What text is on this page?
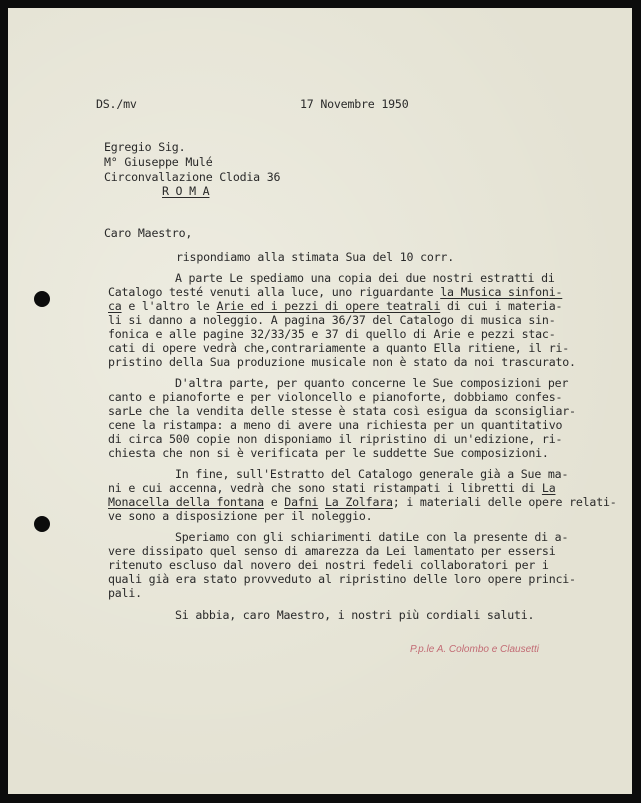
DS./mv	17 Novembre 1950

Egregio Sig.

M° Giuseppe Mulé

Circonvallazione Clodia 36

R O M A

Caro Maestro,

rispondiamo alla stimata Sua del 10 corr.

A parte Le spediamo una copia dei due nostri estratti di

Catalogo testé venuti alla luce, uno riguardante la Musica sinfoni-

ca e l'altro le Arie ed i pezzi di opere teatrali di cui i materia-

li si danno a noleggio. A pagina 36/37 del Catalogo di musica sin-

fonica e alle pagine 32/33/35 e 37 di quello di Arie e pezzi stac-

cati di opere vedrà che,contrariamente a quanto Ella ritiene, il ri-

pristino della Sua produzione musicale non è stato da noi trascurato.

D'altra parte, per quanto concerne le Sue composizioni per

canto e pianoforte e per violoncello e pianoforte, dobbiamo confes-

sarLe che la vendita delle stesse è stata così esigua da sconsigliar-

cene la ristampa: a meno di avere una richiesta per un quantitativo

di circa 500 copie non disponiamo il ripristino di un'edizione, ri-

chiesta che non si è verificata per le suddette Sue composizioni.

In fine, sull'Estratto del Catalogo generale già a Sue ma-

ni e cui accenna, vedrà che sono stati ristampati i libretti di La

Monacella della fontana e Dafni La Zolfara; i materiali delle opere relati-

ve sono a disposizione per il noleggio.

Speriamo con gli schiarimenti datiLe con la presente di a-

vere dissipato quel senso di amarezza da Lei lamentato per essersi

ritenuto escluso dal novero dei nostri fedeli collaboratori per i

quali già era stato provveduto al ripristino delle loro opere princi-

pali.

Si abbia, caro Maestro, i nostri più cordiali saluti.

P.p.le A. Colombo e Clausetti
